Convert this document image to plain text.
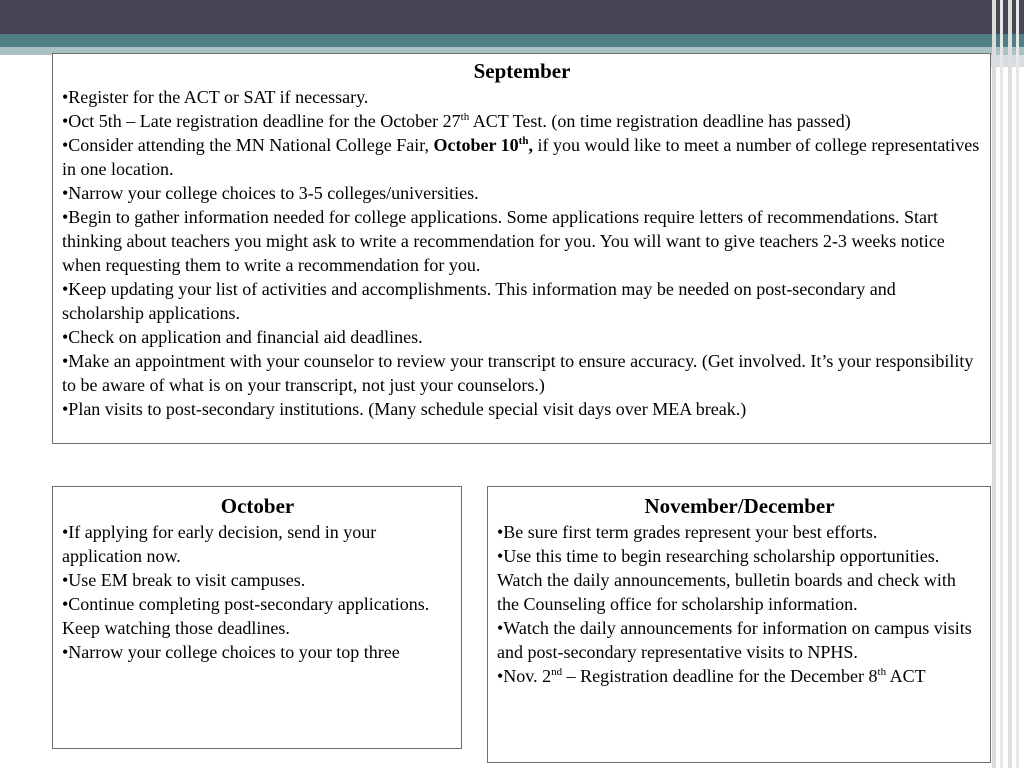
September

•Register for the ACT or SAT if necessary.

•Oct 5th – Late registration deadline for the October 27th ACT Test. (on time registration deadline has passed)

•Consider attending the MN National College Fair, October 10th, if you would like to meet a number of college representatives in one location.

•Narrow your college choices to 3-5 colleges/universities.

•Begin to gather information needed for college applications. Some applications require letters of recommendations. Start thinking about teachers you might ask to write a recommendation for you. You will want to give teachers 2-3 weeks notice when requesting them to write a recommendation for you.

•Keep updating your list of activities and accomplishments. This information may be needed on post-secondary and scholarship applications.

•Check on application and financial aid deadlines.

•Make an appointment with your counselor to review your transcript to ensure accuracy. (Get involved. It’s your responsibility to be aware of what is on your transcript, not just your counselors.)

•Plan visits to post-secondary institutions. (Many schedule special visit days over MEA break.)

October

•If applying for early decision, send in your application now.

•Use EM break to visit campuses.

•Continue completing post-secondary applications. Keep watching those deadlines.

•Narrow your college choices to your top three

November/December

•Be sure first term grades represent your best efforts.

•Use this time to begin researching scholarship opportunities. Watch the daily announcements, bulletin boards and check with the Counseling office for scholarship information.

•Watch the daily announcements for information on campus visits and post-secondary representative visits to NPHS.

•Nov. 2nd – Registration deadline for the December 8th ACT
